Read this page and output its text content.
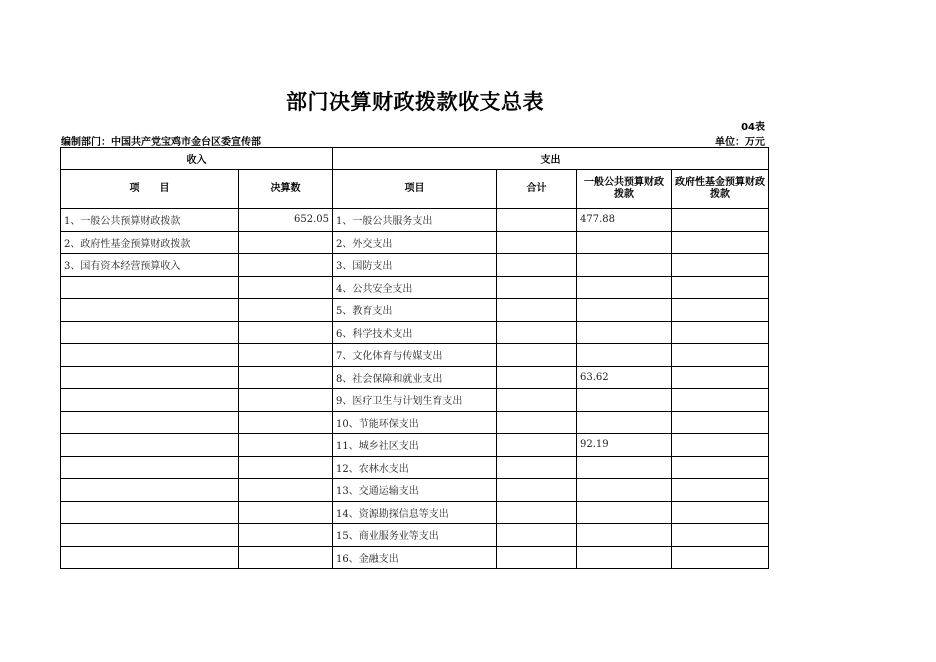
部门决算财政拨款收支总表
04表
编制部门：中国共产党宝鸡市金台区委宣传部	单位：万元
收入		支出			
项　　目	决算数	项目	合计	一般公共预算财政拨款	政府性基金预算财政拨款
1、一般公共预算财政拨款	652.05	1、一般公共服务支出		477.88	
2、政府性基金预算财政拨款		2、外交支出			
3、国有资本经营预算收入		3、国防支出			
		4、公共安全支出			
		5、教育支出			
		6、科学技术支出			
		7、文化体育与传媒支出			
		8、社会保障和就业支出		63.62	
		9、医疗卫生与计划生育支出			
		10、节能环保支出			
		11、城乡社区支出		92.19	
		12、农林水支出			
		13、交通运输支出			
		14、资源勘探信息等支出			
		15、商业服务业等支出			
		16、金融支出			
